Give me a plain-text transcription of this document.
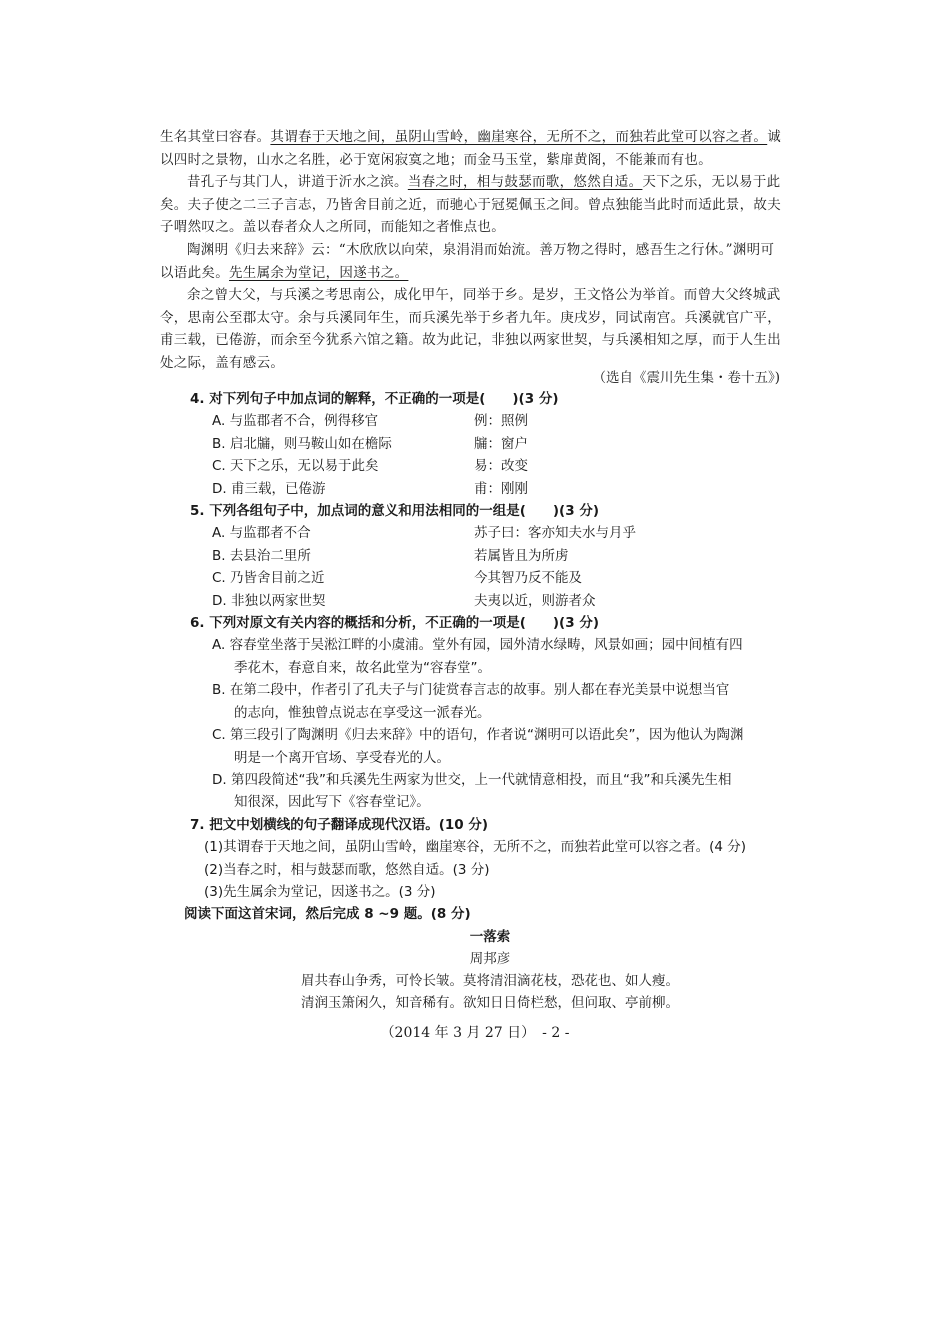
生名其堂曰容春。其谓春于天地之间，虽阴山雪岭，幽崖寒谷，无所不之，而独若此堂可以容之者。诚以四时之景物，山水之名胜，必于宽闲寂寞之地；而金马玉堂，紫扉黄阁，不能兼而有也。

昔孔子与其门人，讲道于沂水之滨。当春之时，相与鼓瑟而歌，悠然自适。天下之乐，无以易于此矣。夫子使之二三子言志，乃皆舍目前之近，而驰心于冠冕佩玉之间。曾点独能当此时而适此景，故夫子喟然叹之。盖以春者众人之所同，而能知之者惟点也。

陶渊明《归去来辞》云：“木欣欣以向荣，泉涓涓而始流。善万物之得时，感吾生之行休。”渊明可以语此矣。先生属余为堂记，因遂书之。

余之曾大父，与兵溪之考思南公，成化甲午，同举于乡。是岁，王文恪公为举首。而曾大父终城武令，思南公至郡太守。余与兵溪同年生，而兵溪先举于乡者九年。庚戌岁，同试南宫。兵溪就官广平，甫三载，已倦游，而余至今犹系六馆之籍。故为此记，非独以两家世契，与兵溪相知之厚，而于人生出处之际，盖有感云。

（选自《震川先生集・卷十五》)

4. 对下列句子中加点词的解释，不正确的一项是(　　)(3 分)

A. 与监郡者不合，例得移官	例：照例
B. 启北牖，则马鞍山如在檐际	牖：窗户
C. 天下之乐，无以易于此矣	易：改变
D. 甫三载，已倦游	甫：刚刚

5. 下列各组句子中，加点词的意义和用法相同的一组是(　　)(3 分)

A. 与监郡者不合	苏子曰：客亦知夫水与月乎
B. 去县治二里所	若属皆且为所虏
C. 乃皆舍目前之近	今其智乃反不能及
D. 非独以两家世契	夫夷以近，则游者众

6. 下列对原文有关内容的概括和分析，不正确的一项是(　　)(3 分)

A. 容春堂坐落于吴淞江畔的小虞浦。堂外有园，园外清水绿畴，风景如画；园中间植有四

季花木，春意自来，故名此堂为“容春堂”。

B. 在第二段中，作者引了孔夫子与门徒赏春言志的故事。别人都在春光美景中说想当官

的志向，惟独曾点说志在享受这一派春光。

C. 第三段引了陶渊明《归去来辞》中的语句，作者说“渊明可以语此矣”，因为他认为陶渊

明是一个离开官场、享受春光的人。

D. 第四段简述“我”和兵溪先生两家为世交，上一代就情意相投，而且“我”和兵溪先生相

知很深，因此写下《容春堂记》。

7. 把文中划横线的句子翻译成现代汉语。(10 分)

(1)其谓春于天地之间，虽阴山雪岭，幽崖寒谷，无所不之，而独若此堂可以容之者。(4 分)

(2)当春之时，相与鼓瑟而歌，悠然自适。(3 分)

(3)先生属余为堂记，因遂书之。(3 分)

阅读下面这首宋词，然后完成 8 ~9 题。(8 分)

一落索

周邦彦

眉共春山争秀，可怜长皱。莫将清泪滴花枝，恐花也、如人瘦。

清润玉箫闲久，知音稀有。欲知日日倚栏愁，但问取、亭前柳。

（2014 年 3 月 27 日）　- 2 -
